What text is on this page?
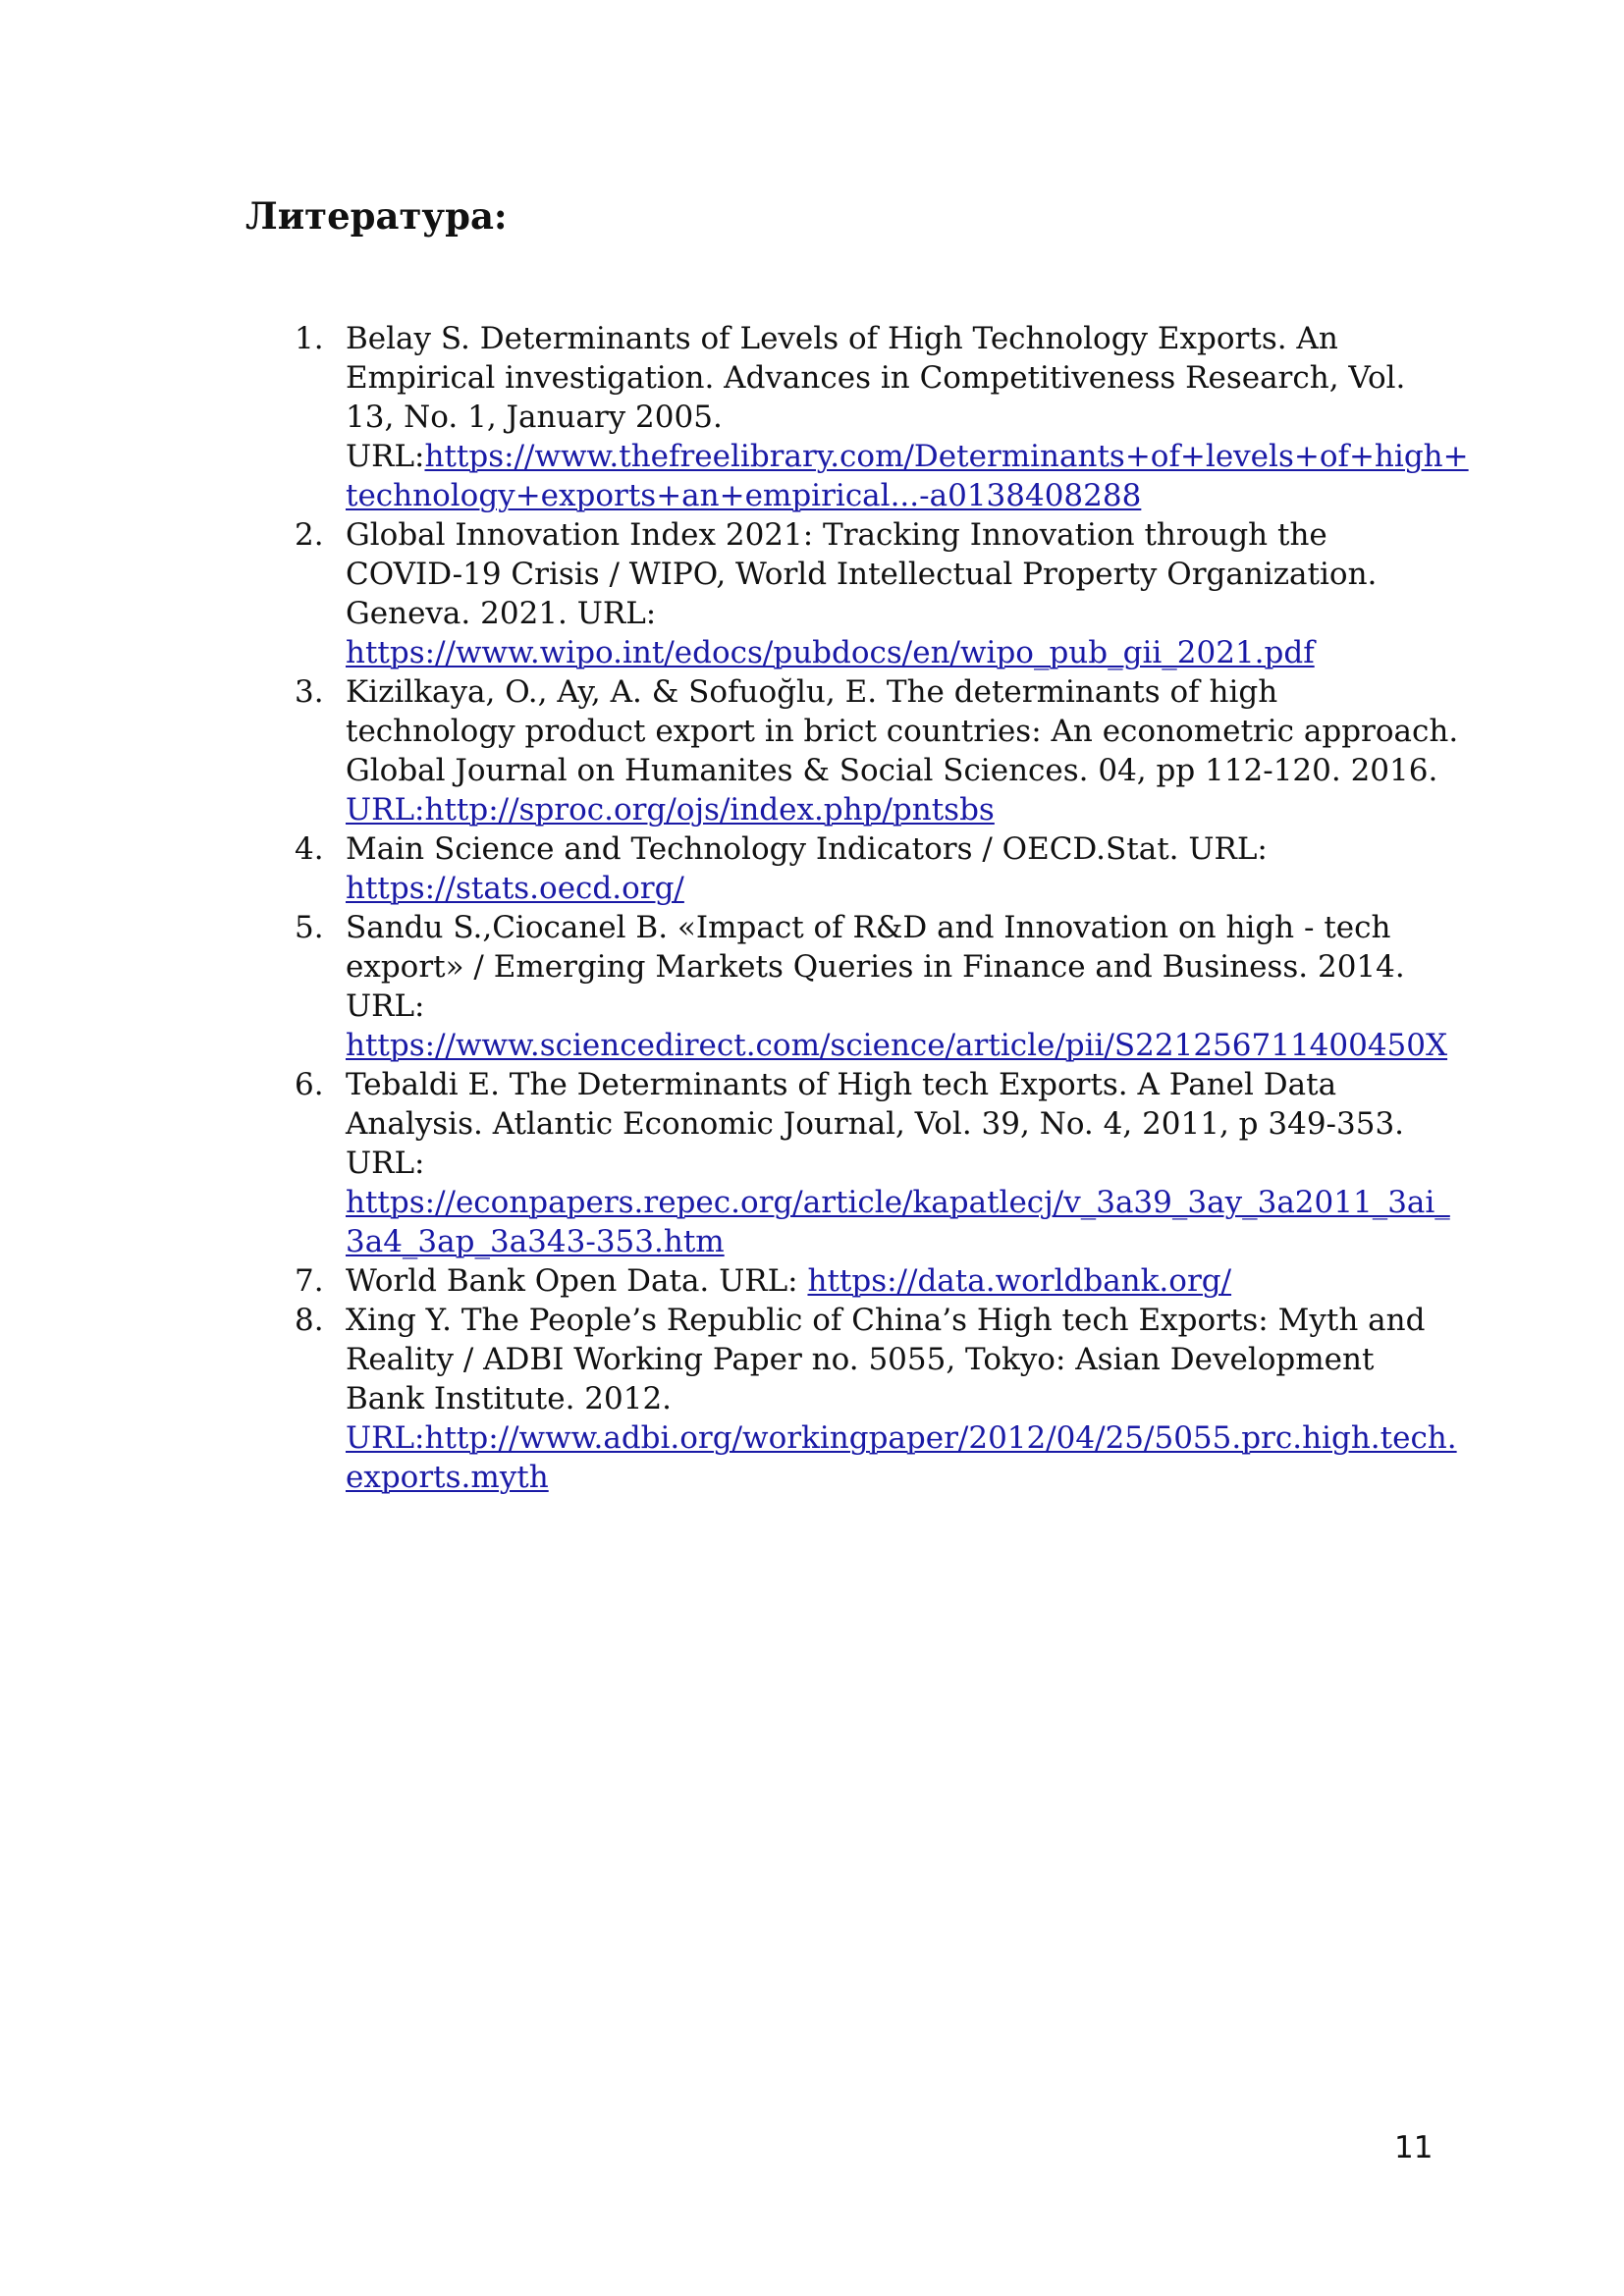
Литература:
1. Belay S. Determinants of Levels of High Technology Exports. An
Empirical investigation. Advances in Competitiveness Research, Vol.
13, No. 1, January 2005.
URL:https://www.thefreelibrary.com/Determinants+of+levels+of+high+
technology+exports+an+empirical...-a0138408288
2. Global Innovation Index 2021: Tracking Innovation through the
COVID-19 Crisis / WIPO, World Intellectual Property Organization.
Geneva. 2021. URL:
https://www.wipo.int/edocs/pubdocs/en/wipo_pub_gii_2021.pdf
3. Kizilkaya, O., Ay, A. & Sofuoğlu, E. The determinants of high
technology product export in brict countries: An econometric approach.
Global Journal on Humanites & Social Sciences. 04, pp 112-120. 2016.
URL:http://sproc.org/ojs/index.php/pntsbs
4. Main Science and Technology Indicators / OECD.Stat. URL:
https://stats.oecd.org/
5. Sandu S.,Ciocanel B. «Impact of R&D and Innovation on high - tech
export» / Emerging Markets Queries in Finance and Business. 2014.
URL:
https://www.sciencedirect.com/science/article/pii/S221256711400450X
6. Tebaldi E. The Determinants of High tech Exports. A Panel Data
Analysis. Atlantic Economic Journal, Vol. 39, No. 4, 2011, p 349-353.
URL:
https://econpapers.repec.org/article/kapatlecj/v_3a39_3ay_3a2011_3ai_
3a4_3ap_3a343-353.htm
7. World Bank Open Data. URL: https://data.worldbank.org/
8. Xing Y. The People’s Republic of China’s High tech Exports: Myth and
Reality / ADBI Working Paper no. 5055, Tokyo: Asian Development
Bank Institute. 2012.
URL:http://www.adbi.org/workingpaper/2012/04/25/5055.prc.high.tech.
exports.myth
11
